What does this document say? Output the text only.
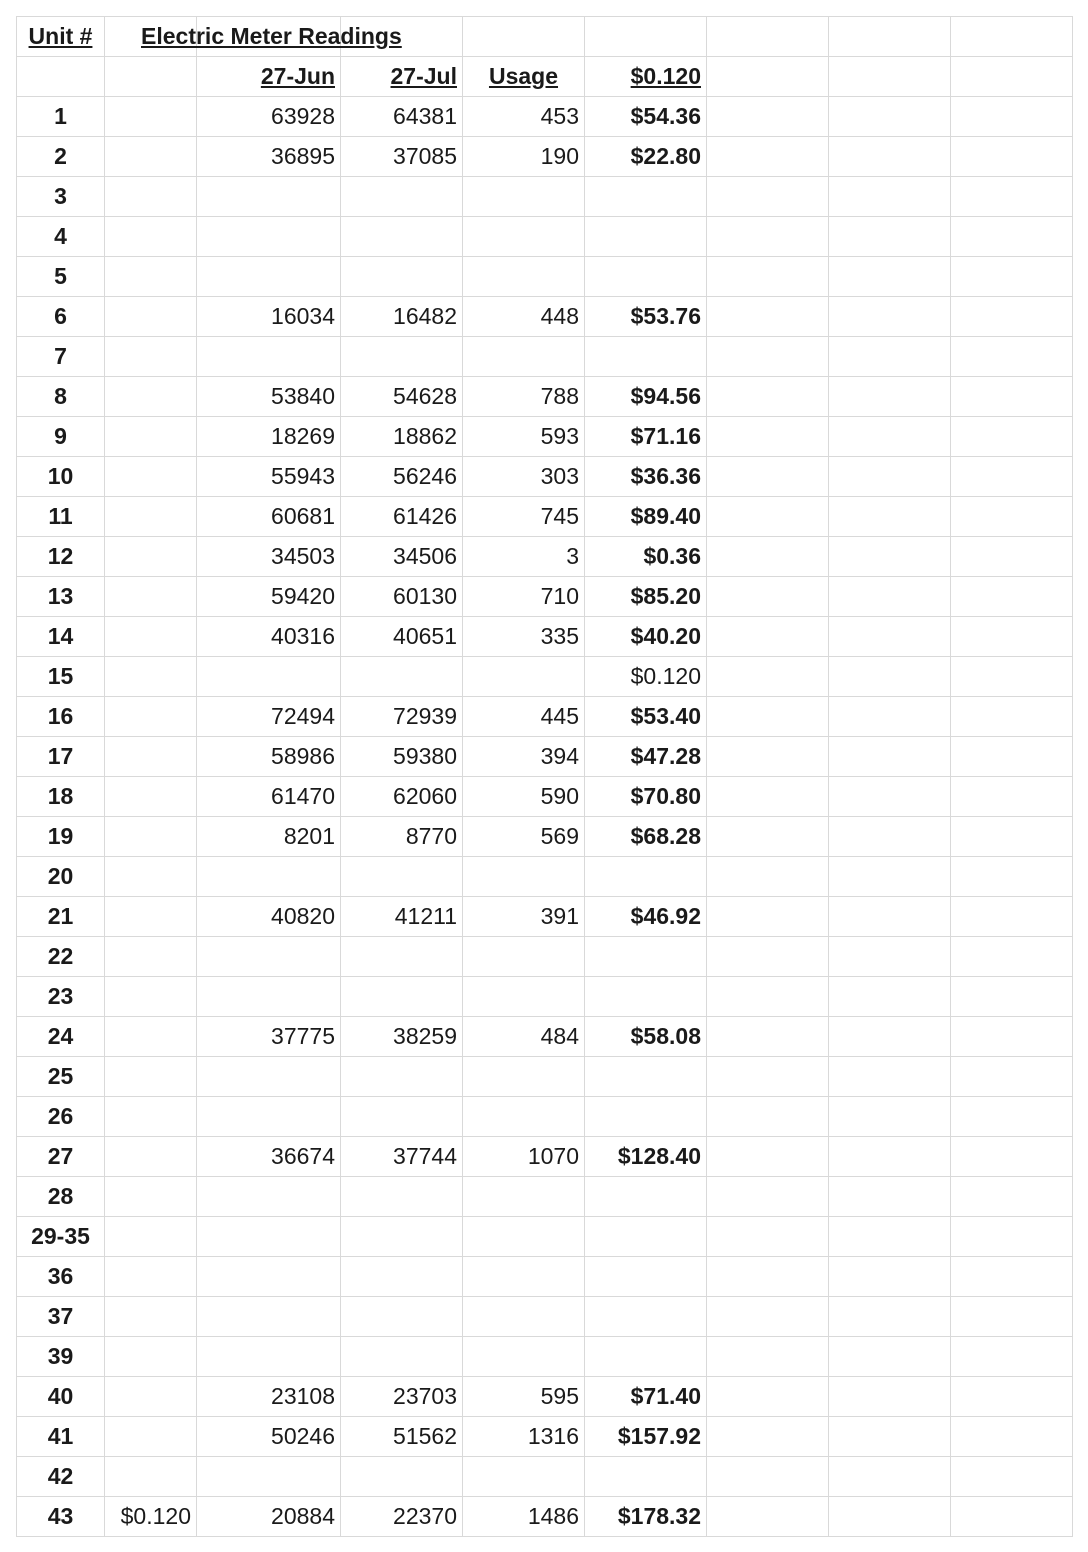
Unit #	Electric Meter Readings							

		27-Jun	27-Jul	Usage	$0.120			
1		63928	64381	453	$54.36			
2		36895	37085	190	$22.80			
3								
4								
5								
6		16034	16482	448	$53.76			
7								
8		53840	54628	788	$94.56			
9		18269	18862	593	$71.16			
10		55943	56246	303	$36.36			
11		60681	61426	745	$89.40			
12		34503	34506	3	$0.36			
13		59420	60130	710	$85.20			
14		40316	40651	335	$40.20			
15					$0.120			
16		72494	72939	445	$53.40			
17		58986	59380	394	$47.28			
18		61470	62060	590	$70.80			
19		8201	8770	569	$68.28			
20								
21		40820	41211	391	$46.92			
22								
23								
24		37775	38259	484	$58.08			
25								
26								
27		36674	37744	1070	$128.40			
28								
29-35								
36								
37								
39								
40		23108	23703	595	$71.40			
41		50246	51562	1316	$157.92			
42								
43	$0.120	20884	22370	1486	$178.32			
